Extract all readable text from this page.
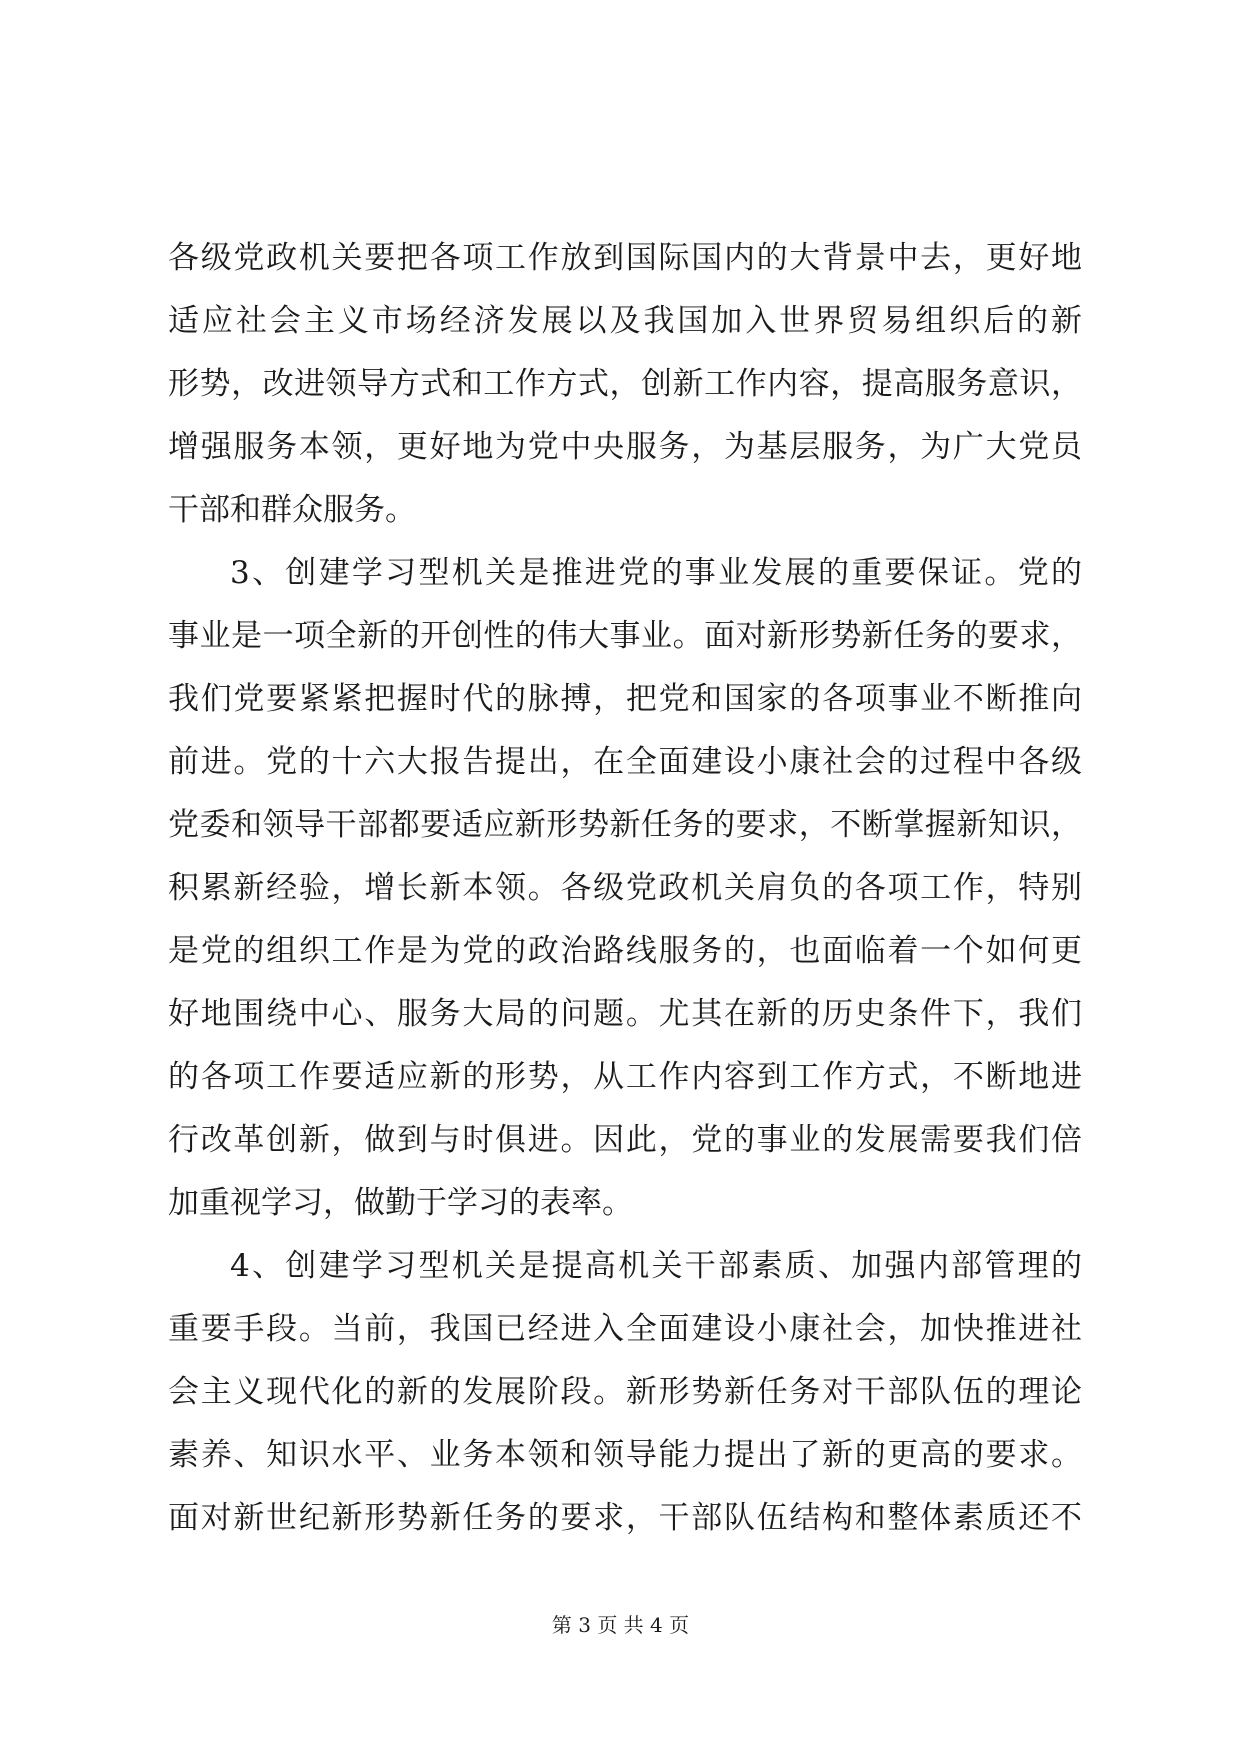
各级党政机关要把各项工作放到国际国内的大背景中去，更好地
适应社会主义市场经济发展以及我国加入世界贸易组织后的新
形势，改进领导方式和工作方式，创新工作内容，提高服务意识，
增强服务本领，更好地为党中央服务，为基层服务，为广大党员
干部和群众服务。
3、创建学习型机关是推进党的事业发展的重要保证。党的
事业是一项全新的开创性的伟大事业。面对新形势新任务的要求，
我们党要紧紧把握时代的脉搏，把党和国家的各项事业不断推向
前进。党的十六大报告提出，在全面建设小康社会的过程中各级
党委和领导干部都要适应新形势新任务的要求，不断掌握新知识，
积累新经验，增长新本领。各级党政机关肩负的各项工作，特别
是党的组织工作是为党的政治路线服务的，也面临着一个如何更
好地围绕中心、服务大局的问题。尤其在新的历史条件下，我们
的各项工作要适应新的形势，从工作内容到工作方式，不断地进
行改革创新，做到与时俱进。因此，党的事业的发展需要我们倍
加重视学习，做勤于学习的表率。
4、创建学习型机关是提高机关干部素质、加强内部管理的
重要手段。当前，我国已经进入全面建设小康社会，加快推进社
会主义现代化的新的发展阶段。新形势新任务对干部队伍的理论
素养、知识水平、业务本领和领导能力提出了新的更高的要求。
面对新世纪新形势新任务的要求，干部队伍结构和整体素质还不
第 3 页 共 4 页
